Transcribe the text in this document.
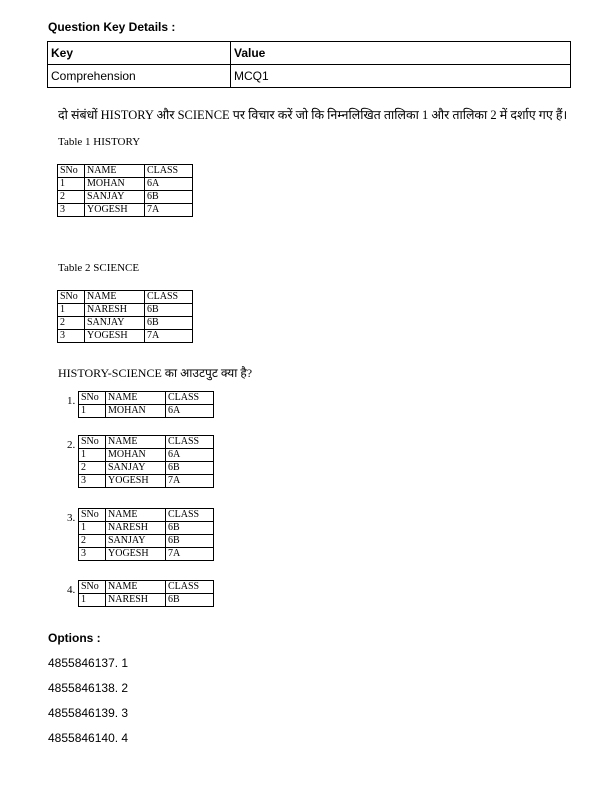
Question Key Details :
Key	Value
Comprehension	MCQ1
दो संबंधों HISTORY और SCIENCE पर विचार करें जो कि निम्नलिखित तालिका 1 और तालिका 2 में दर्शाए गए हैं।
Table 1 HISTORY
SNo	NAME	CLASS
1	MOHAN	6A
2	SANJAY	6B
3	YOGESH	7A
Table 2 SCIENCE
SNo	NAME	CLASS
1	NARESH	6B
2	SANJAY	6B
3	YOGESH	7A
HISTORY-SCIENCE का आउटपुट क्या है?
1. SNo	NAME	CLASS
1	MOHAN	6A
2. SNo	NAME	CLASS
1	MOHAN	6A
2	SANJAY	6B
3	YOGESH	7A
3. SNo	NAME	CLASS
1	NARESH	6B
2	SANJAY	6B
3	YOGESH	7A
4. SNo	NAME	CLASS
1	NARESH	6B
Options :
4855846137. 1
4855846138. 2
4855846139. 3
4855846140. 4
